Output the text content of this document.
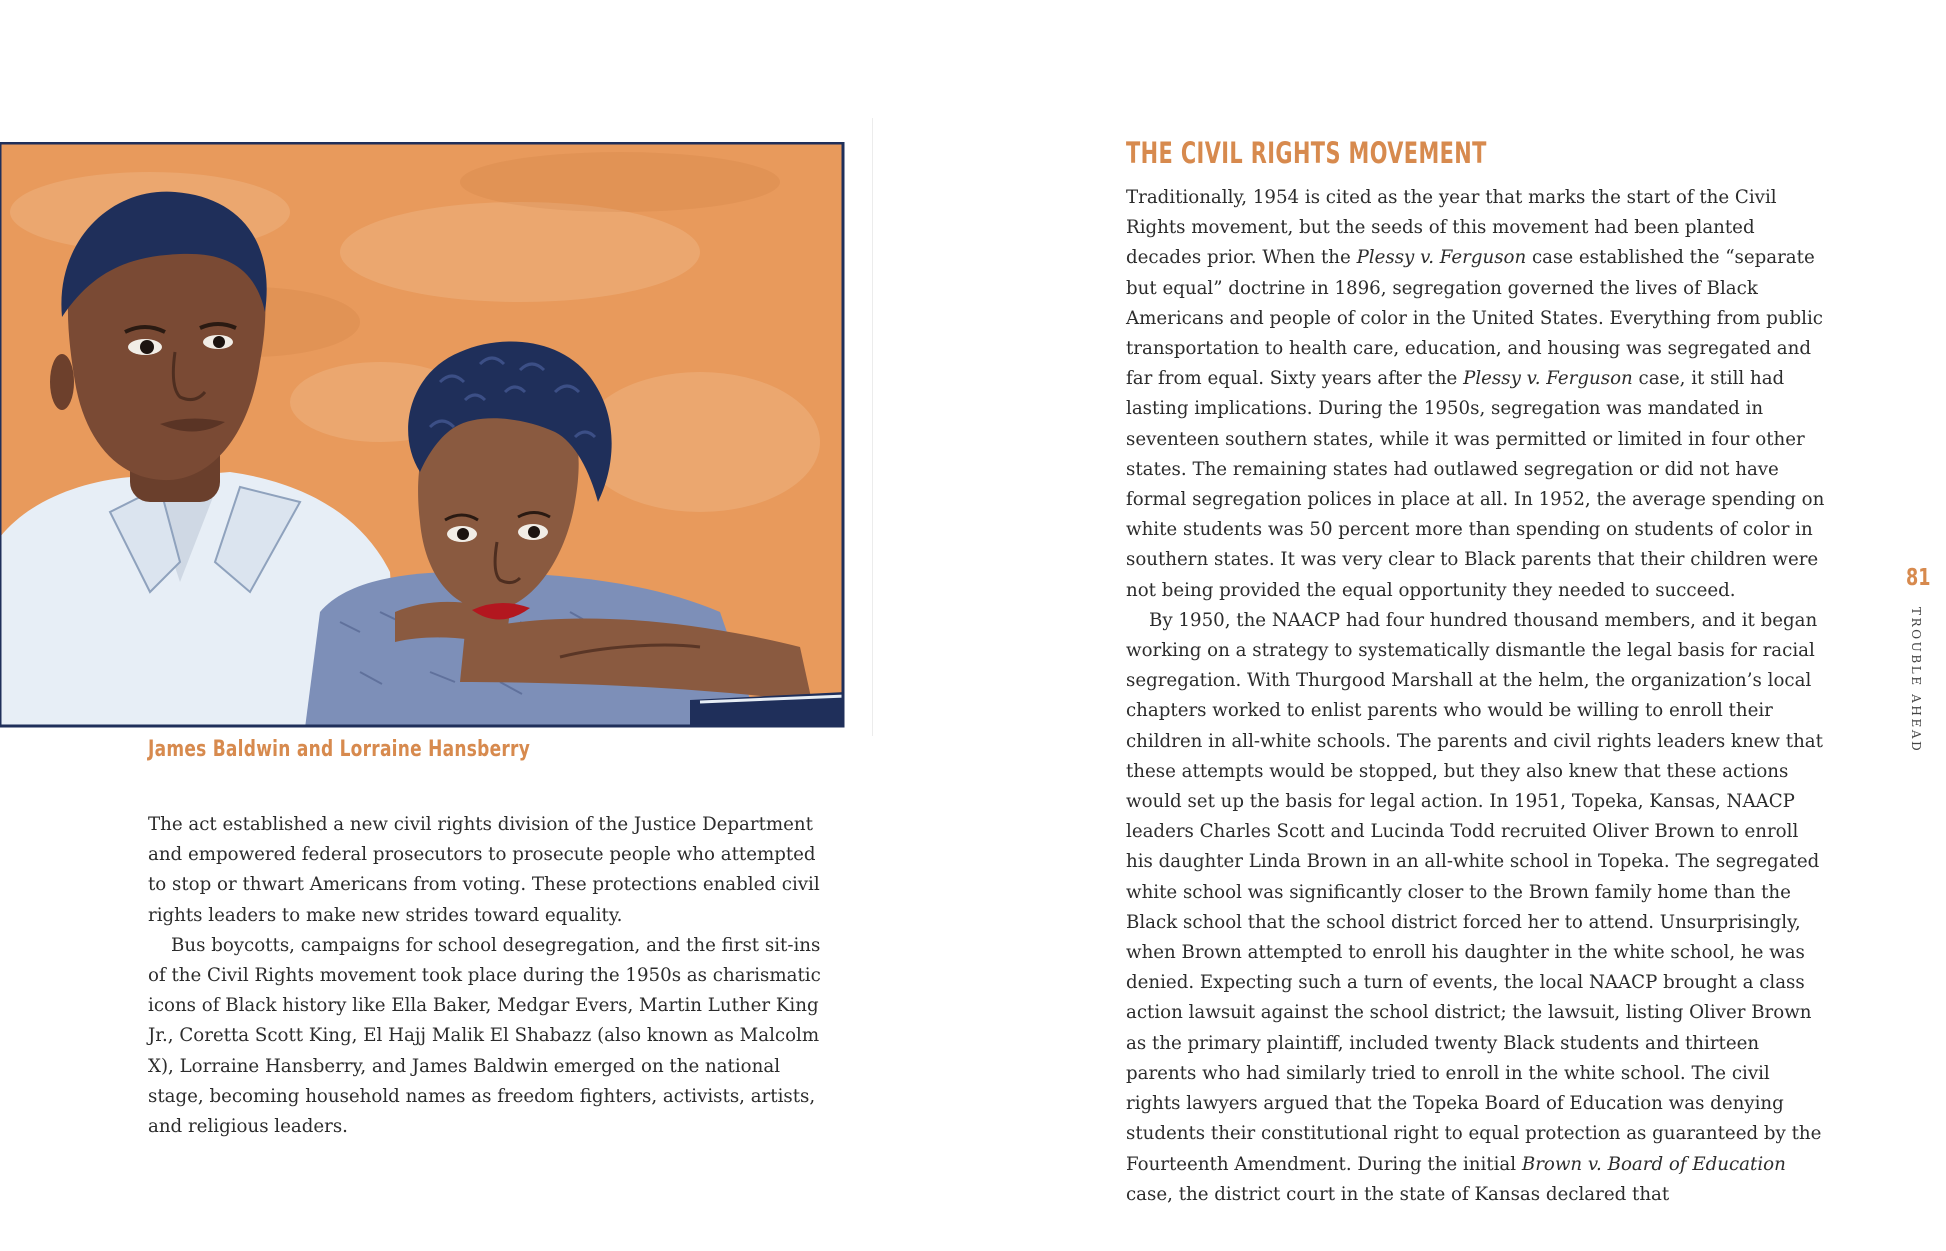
James Baldwin and Lorraine Hansberry

The act established a new civil rights division of the Justice Department and empowered federal prosecutors to prosecute people who attempted to stop or thwart Americans from voting. These protections enabled civil rights leaders to make new strides toward equality.

Bus boycotts, campaigns for school desegregation, and the first sit-ins of the Civil Rights movement took place during the 1950s as charismatic icons of Black history like Ella Baker, Medgar Evers, Martin Luther King Jr., Coretta Scott King, El Hajj Malik El Shabazz (also known as Malcolm X), Lorraine Hansberry, and James Baldwin emerged on the national stage, becoming household names as freedom fighters, activists, artists, and religious leaders.

THE CIVIL RIGHTS MOVEMENT

Traditionally, 1954 is cited as the year that marks the start of the Civil Rights movement, but the seeds of this movement had been planted decades prior. When the Plessy v. Ferguson case established the “separate but equal” doctrine in 1896, segregation governed the lives of Black Americans and people of color in the United States. Everything from public transportation to health care, education, and housing was segregated and far from equal. Sixty years after the Plessy v. Ferguson case, it still had lasting implications. During the 1950s, segregation was mandated in seventeen southern states, while it was permitted or limited in four other states. The remaining states had outlawed segregation or did not have formal segregation polices in place at all. In 1952, the average spending on white students was 50 percent more than spending on students of color in southern states. It was very clear to Black parents that their children were not being provided the equal opportunity they needed to succeed.

By 1950, the NAACP had four hundred thousand members, and it began working on a strategy to systematically dismantle the legal basis for racial segregation. With Thurgood Marshall at the helm, the organization’s local chapters worked to enlist parents who would be willing to enroll their children in all-white schools. The parents and civil rights leaders knew that these attempts would be stopped, but they also knew that these actions would set up the basis for legal action. In 1951, Topeka, Kansas, NAACP leaders Charles Scott and Lucinda Todd recruited Oliver Brown to enroll his daughter Linda Brown in an all-white school in Topeka. The segregated white school was significantly closer to the Brown family home than the Black school that the school district forced her to attend. Unsurprisingly, when Brown attempted to enroll his daughter in the white school, he was denied. Expecting such a turn of events, the local NAACP brought a class action lawsuit against the school district; the lawsuit, listing Oliver Brown as the primary plaintiff, included twenty Black students and thirteen parents who had similarly tried to enroll in the white school. The civil rights lawyers argued that the Topeka Board of Education was denying students their constitutional right to equal protection as guaranteed by the Fourteenth Amendment. During the initial Brown v. Board of Education case, the district court in the state of Kansas declared that

81
TROUBLE AHEAD
